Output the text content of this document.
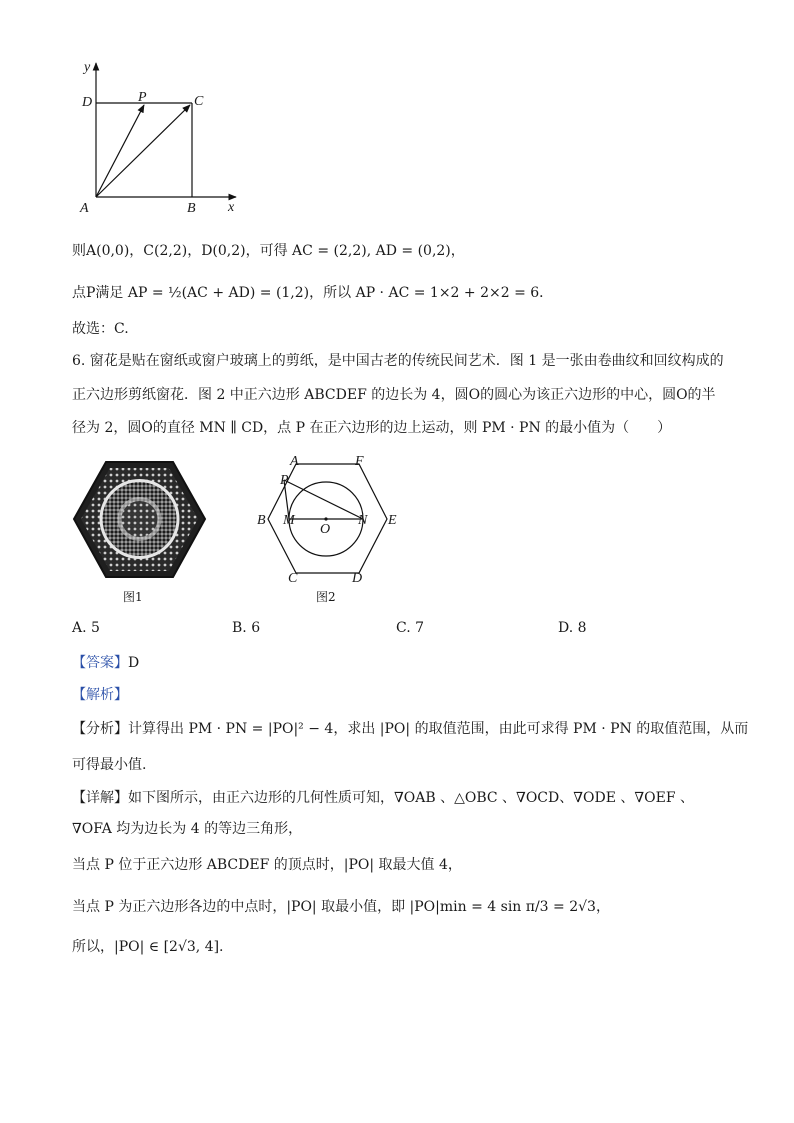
y
x
D	P	C
A	B
则A(0,0)，C(2,2)，D(0,2)，可得 AC = (2,2), AD = (0,2)，
点P满足 AP = ½(AC + AD) = (1,2)，所以 AP · AC = 1×2 + 2×2 = 6．
故选：C.
6. 窗花是贴在窗纸或窗户玻璃上的剪纸，是中国古老的传统民间艺术．图 1 是一张由卷曲纹和回纹构成的
正六边形剪纸窗花．图 2 中正六边形 ABCDEF 的边长为 4，圆O的圆心为该正六边形的中心，圆O的半
径为 2，圆O的直径 MN ∥ CD，点 P 在正六边形的边上运动，则 PM · PN 的最小值为（　　）
图1
A	F
P
B M
O
N E
C	D
图2
A. 5	B. 6	C. 7	D. 8
【答案】D
【解析】
【分析】计算得出 PM · PN = |PO|² − 4，求出 |PO| 的取值范围，由此可求得 PM · PN 的取值范围，从而
可得最小值.
【详解】如下图所示，由正六边形的几何性质可知，∇OAB 、△OBC 、∇OCD、∇ODE 、∇OEF 、
∇OFA 均为边长为 4 的等边三角形，
当点 P 位于正六边形 ABCDEF 的顶点时，|PO| 取最大值 4，
当点 P 为正六边形各边的中点时，|PO| 取最小值，即 |PO|min = 4 sin π/3 = 2√3，
所以，|PO| ∈ [2√3, 4].
